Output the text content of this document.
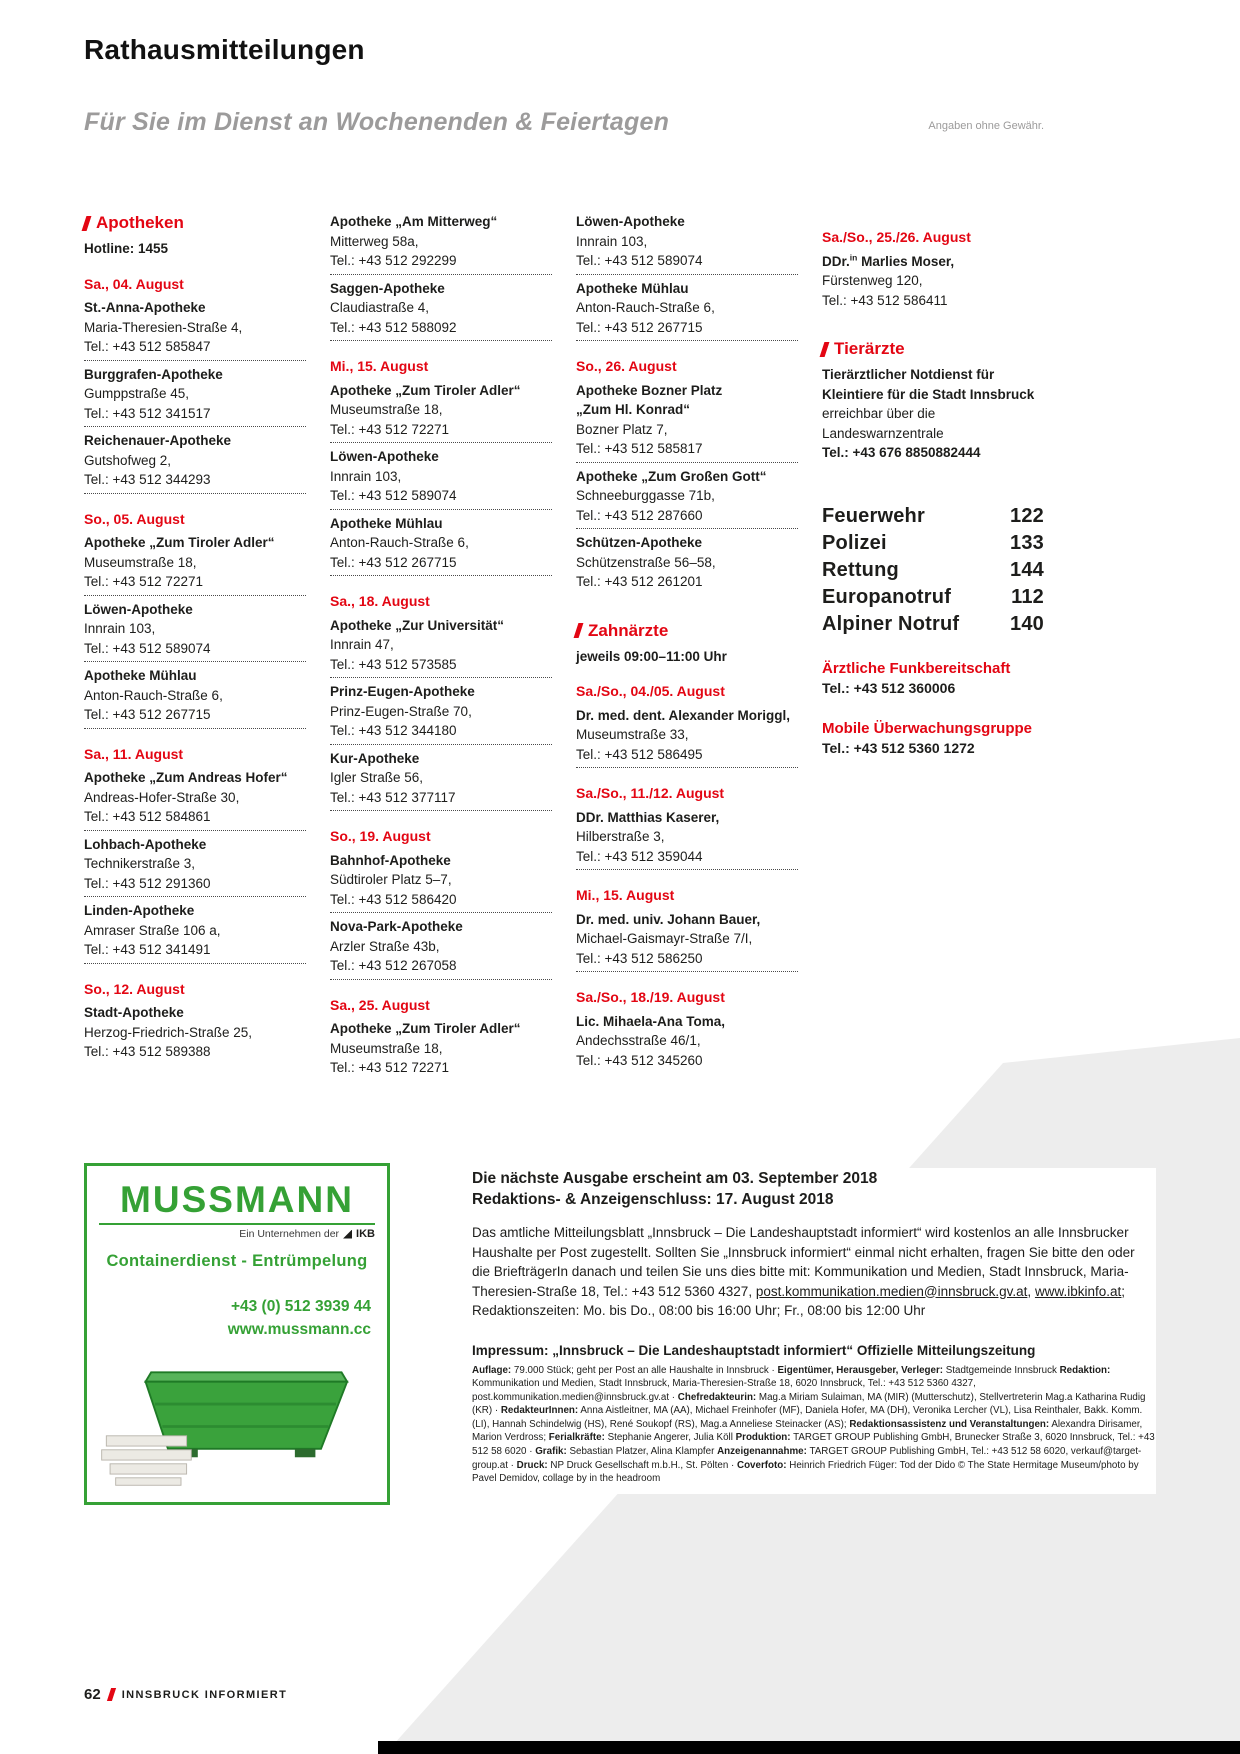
Rathausmitteilungen
Für Sie im Dienst an Wochenenden & Feiertagen	Angaben ohne Gewähr.
Apotheken

Hotline: 1455

Sa., 04. August

St.-Anna-Apotheke

Maria-Theresien-Straße 4,

Tel.: +43 512 585847

Burggrafen-Apotheke

Gumppstraße 45,

Tel.: +43 512 341517

Reichenauer-Apotheke

Gutshofweg 2,

Tel.: +43 512 344293

So., 05. August

Apotheke „Zum Tiroler Adler“

Museumstraße 18,

Tel.: +43 512 72271

Löwen-Apotheke

Innrain 103,

Tel.: +43 512 589074

Apotheke Mühlau

Anton-Rauch-Straße 6,

Tel.: +43 512 267715

Sa., 11. August

Apotheke „Zum Andreas Hofer“

Andreas-Hofer-Straße 30,

Tel.: +43 512 584861

Lohbach-Apotheke

Technikerstraße 3,

Tel.: +43 512 291360

Linden-Apotheke

Amraser Straße 106 a,

Tel.: +43 512 341491

So., 12. August

Stadt-Apotheke

Herzog-Friedrich-Straße 25,

Tel.: +43 512 589388

Apotheke „Am Mitterweg“

Mitterweg 58a,

Tel.: +43 512 292299

Saggen-Apotheke

Claudiastraße 4,

Tel.: +43 512 588092

Mi., 15. August

Apotheke „Zum Tiroler Adler“

Museumstraße 18,

Tel.: +43 512 72271

Löwen-Apotheke

Innrain 103,

Tel.: +43 512 589074

Apotheke Mühlau

Anton-Rauch-Straße 6,

Tel.: +43 512 267715

Sa., 18. August

Apotheke „Zur Universität“

Innrain 47,

Tel.: +43 512 573585

Prinz-Eugen-Apotheke

Prinz-Eugen-Straße 70,

Tel.: +43 512 344180

Kur-Apotheke

Igler Straße 56,

Tel.: +43 512 377117

So., 19. August

Bahnhof-Apotheke

Südtiroler Platz 5–7,

Tel.: +43 512 586420

Nova-Park-Apotheke

Arzler Straße 43b,

Tel.: +43 512 267058

Sa., 25. August

Apotheke „Zum Tiroler Adler“

Museumstraße 18,

Tel.: +43 512 72271

Löwen-Apotheke

Innrain 103,

Tel.: +43 512 589074

Apotheke Mühlau

Anton-Rauch-Straße 6,

Tel.: +43 512 267715

So., 26. August

Apotheke Bozner Platz

„Zum Hl. Konrad“

Bozner Platz 7,

Tel.: +43 512 585817

Apotheke „Zum Großen Gott“

Schneeburggasse 71b,

Tel.: +43 512 287660

Schützen-Apotheke

Schützenstraße 56–58,

Tel.: +43 512 261201

Zahnärzte

jeweils 09:00–11:00 Uhr

Sa./So., 04./05. August

Dr. med. dent. Alexander Moriggl, Museumstraße 33,

Tel.: +43 512 586495

Sa./So., 11./12. August

DDr. Matthias Kaserer,

Hilberstraße 3,

Tel.: +43 512 359044

Mi., 15. August

Dr. med. univ. Johann Bauer,

Michael-Gaismayr-Straße 7/I,

Tel.: +43 512 586250

Sa./So., 18./19. August

Lic. Mihaela-Ana Toma,

Andechsstraße 46/1,

Tel.: +43 512 345260

Sa./So., 25./26. August

DDr.$^{in}$ Marlies Moser,

Fürstenweg 120,

Tel.: +43 512 586411

Tierärzte

Tierärztlicher Notdienst für Kleintiere für die Stadt Innsbruck erreichbar über die Landeswarnzentrale

Tel.: +43 676 8850882444

Feuerwehr	122
Polizei	133
Rettung	144
Europanotruf	112
Alpiner Notruf	140

Ärztliche Funkbereitschaft

Tel.: +43 512 360006

Mobile Überwachungsgruppe

Tel.: +43 512 5360 1272

MUSSMANN
Ein Unternehmen der IKB
Containerdienst - Entrümpelung
+43 (0) 512 3939 44
www.mussmann.cc

Die nächste Ausgabe erscheint am 03. September 2018

Redaktions- & Anzeigenschluss: 17. August 2018

Das amtliche Mitteilungsblatt „Innsbruck – Die Landeshauptstadt informiert“ wird kostenlos an alle Innsbrucker Haushalte per Post zugestellt. Sollten Sie „Innsbruck informiert“ einmal nicht erhalten, fragen Sie bitte den oder die BriefträgerIn danach und teilen Sie uns dies bitte mit: Kommunikation und Medien, Stadt Innsbruck, Maria-Theresien-Straße 18, Tel.: +43 512 5360 4327, post.kommunikation.medien@innsbruck.gv.at, www.ibkinfo.at; Redaktionszeiten: Mo. bis Do., 08:00 bis 16:00 Uhr; Fr., 08:00 bis 12:00 Uhr

Impressum: „Innsbruck – Die Landeshauptstadt informiert“ Offizielle Mitteilungszeitung

Auflage: 79.000 Stück; geht per Post an alle Haushalte in Innsbruck · Eigentümer, Herausgeber, Verleger: Stadtgemeinde Innsbruck Redaktion: Kommunikation und Medien, Stadt Innsbruck, Maria-Theresien-Straße 18, 6020 Innsbruck, Tel.: +43 512 5360 4327, post.kommunikation.medien@innsbruck.gv.at · Chefredakteurin: Mag.a Miriam Sulaiman, MA (MIR) (Mutterschutz), Stellvertreterin Mag.a Katharina Rudig (KR) · RedakteurInnen: Anna Aistleitner, MA (AA), Michael Freinhofer (MF), Daniela Hofer, MA (DH), Veronika Lercher (VL), Lisa Reinthaler, Bakk. Komm. (LI), Hannah Schindelwig (HS), René Soukopf (RS), Mag.a Anneliese Steinacker (AS); Redaktionsassistenz und Veranstaltungen: Alexandra Dirisamer, Marion Verdross; Ferialkräfte: Stephanie Angerer, Julia Köll Produktion: TARGET GROUP Publishing GmbH, Brunecker Straße 3, 6020 Innsbruck, Tel.: +43 512 58 6020 · Grafik: Sebastian Platzer, Alina Klampfer Anzeigenannahme: TARGET GROUP Publishing GmbH, Tel.: +43 512 58 6020, verkauf@target-group.at · Druck: NP Druck Gesellschaft m.b.H., St. Pölten · Coverfoto: Heinrich Friedrich Füger: Tod der Dido © The State Hermitage Museum/photo by Pavel Demidov, collage by in the headroom

62 INNSBRUCK INFORMIERT
